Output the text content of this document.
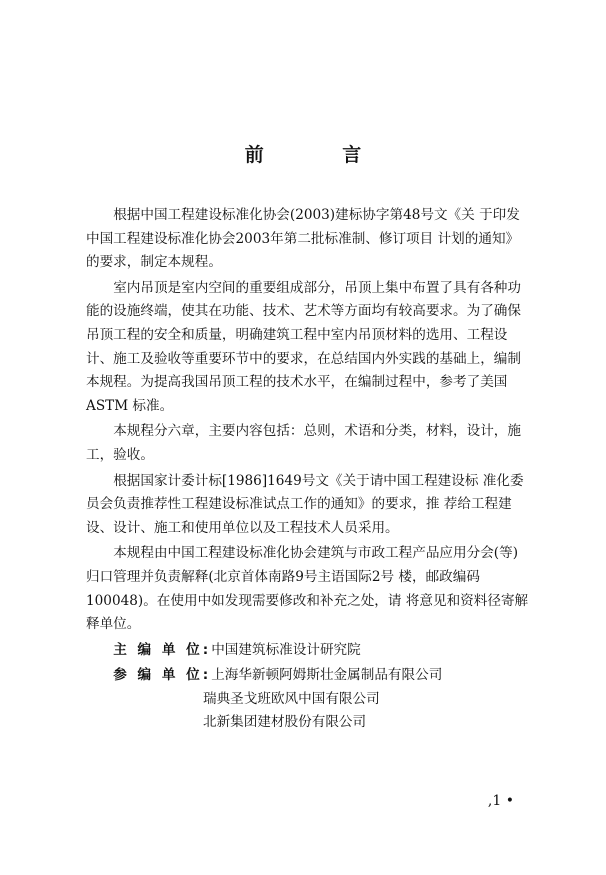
前 言

根据中国工程建设标准化协会(2003)建标协字第48号文《关 于印发中国工程建设标准化协会2003年第二批标准制、修订项目 计划的通知》的要求，制定本规程。

室内吊顶是室内空间的重要组成部分，吊顶上集中布置了具有各种功能的设施终端，使其在功能、技术、艺术等方面均有较高要求。为了确保吊顶工程的安全和质量，明确建筑工程中室内吊顶材料的选用、工程设计、施工及验收等重要环节中的要求，在总结国内外实践的基础上，编制本规程。为提高我国吊顶工程的技术水平，在编制过程中，参考了美国 ASTM 标准。

本规程分六章，主要内容包括：总则，术语和分类，材料，设计，施工，验收。

根据国家计委计标[1986]1649号文《关于请中国工程建设标 准化委员会负责推荐性工程建设标准试点工作的通知》的要求，推 荐给工程建设、设计、施工和使用单位以及工程技术人员采用。

本规程由中国工程建设标准化协会建筑与市政工程产品应用分会(等)归口管理并负责解释(北京首体南路9号主语国际2号 楼，邮政编码100048)。在使用中如发现需要修改和补充之处，请 将意见和资料径寄解释单位。

主 编 单 位:中国建筑标准设计研究院
参 编 单 位:上海华新顿阿姆斯壮金属制品有限公司
瑞典圣戈班欧风中国有限公司
北新集团建材股份有限公司
,1 •
